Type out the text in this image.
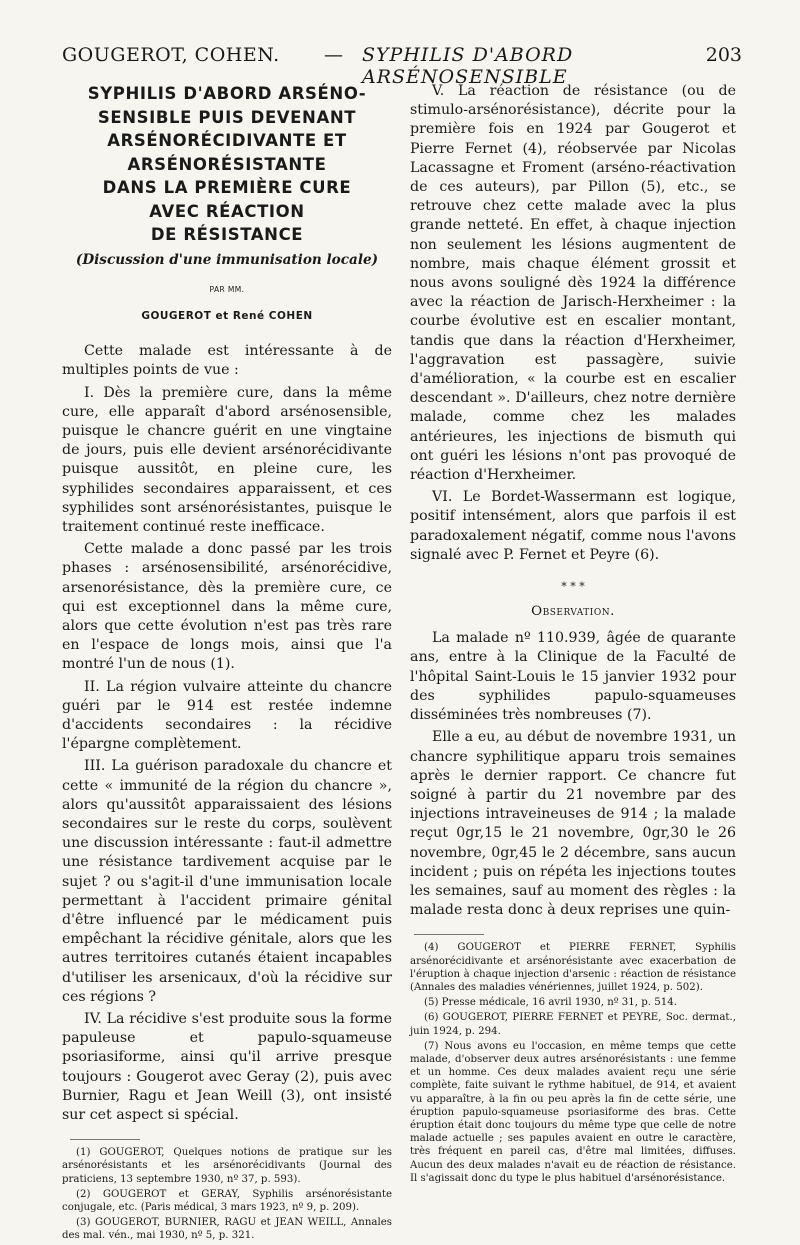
GOUGEROT, COHEN. — SYPHILIS D'ABORD ARSÉNOSENSIBLE
203
SYPHILIS D'ABORD ARSÉNO-
SENSIBLE PUIS DEVENANT
ARSÉNORÉCIDIVANTE ET
ARSÉNORÉSISTANTE
DANS LA PREMIÈRE CURE
AVEC RÉACTION
DE RÉSISTANCE
(Discussion d'une immunisation locale)
PAR MM.
GOUGEROT et René COHEN

Cette malade est intéressante à de multiples points de vue :

I. Dès la première cure, dans la même cure, elle apparaît d'abord arsénosensible, puisque le chancre guérit en une vingtaine de jours, puis elle devient arsénorécidivante puisque aussitôt, en pleine cure, les syphilides secondaires apparaissent, et ces syphilides sont arsénorésistantes, puisque le traitement continué reste inefficace.

Cette malade a donc passé par les trois phases : arsénosensibilité, arsénorécidive, arsenorésistance, dès la première cure, ce qui est exceptionnel dans la même cure, alors que cette évolution n'est pas très rare en l'espace de longs mois, ainsi que l'a montré l'un de nous (1).

II. La région vulvaire atteinte du chancre guéri par le 914 est restée indemne d'accidents secondaires : la récidive l'épargne complètement.

III. La guérison paradoxale du chancre et cette « immunité de la région du chancre », alors qu'aussitôt apparaissaient des lésions secondaires sur le reste du corps, soulèvent une discussion intéressante : faut-il admettre une résistance tardivement acquise par le sujet ? ou s'agit-il d'une immunisation locale permettant à l'accident primaire génital d'être influencé par le médicament puis empêchant la récidive génitale, alors que les autres territoires cutanés étaient incapables d'utiliser les arsenicaux, d'où la récidive sur ces régions ?

IV. La récidive s'est produite sous la forme papuleuse et papulo-squameuse psoriasiforme, ainsi qu'il arrive presque toujours : Gougerot avec Geray (2), puis avec Burnier, Ragu et Jean Weill (3), ont insisté sur cet aspect si spécial.

(1) GOUGEROT, Quelques notions de pratique sur les arsénorésistants et les arsénorécidivants (Journal des praticiens, 13 septembre 1930, nº 37, p. 593).
(2) GOUGEROT et GERAY, Syphilis arsénorésistante conjugale, etc. (Paris médical, 3 mars 1923, nº 9, p. 209).
(3) GOUGEROT, BURNIER, RAGU et JEAN WEILL, Annales des mal. vén., mai 1930, nº 5, p. 321.

V. La réaction de résistance (ou de stimulo-arsénorésistance), décrite pour la première fois en 1924 par Gougerot et Pierre Fernet (4), réobservée par Nicolas Lacassagne et Froment (arséno-réactivation de ces auteurs), par Pillon (5), etc., se retrouve chez cette malade avec la plus grande netteté. En effet, à chaque injection non seulement les lésions augmentent de nombre, mais chaque élément grossit et nous avons souligné dès 1924 la différence avec la réaction de Jarisch-Herxheimer : la courbe évolutive est en escalier montant, tandis que dans la réaction d'Herxheimer, l'aggravation est passagère, suivie d'amélioration, « la courbe est en escalier descendant ». D'ailleurs, chez notre dernière malade, comme chez les malades antérieures, les injections de bismuth qui ont guéri les lésions n'ont pas provoqué de réaction d'Herxheimer.

VI. Le Bordet-Wassermann est logique, positif intensément, alors que parfois il est paradoxalement négatif, comme nous l'avons signalé avec P. Fernet et Peyre (6).

* * *
Observation.

La malade nº 110.939, âgée de quarante ans, entre à la Clinique de la Faculté de l'hôpital Saint-Louis le 15 janvier 1932 pour des syphilides papulo-squameuses disséminées très nombreuses (7).

Elle a eu, au début de novembre 1931, un chancre syphilitique apparu trois semaines après le dernier rapport. Ce chancre fut soigné à partir du 21 novembre par des injections intraveineuses de 914 ; la malade reçut 0gr,15 le 21 novembre, 0gr,30 le 26 novembre, 0gr,45 le 2 décembre, sans aucun incident ; puis on répéta les injections toutes les semaines, sauf au moment des règles : la malade resta donc à deux reprises une quin-

(4) GOUGEROT et PIERRE FERNET, Syphilis arsénorécidivante et arsénorésistante avec exacerbation de l'éruption à chaque injection d'arsenic : réaction de résistance (Annales des maladies vénériennes, juillet 1924, p. 502).
(5) Presse médicale, 16 avril 1930, nº 31, p. 514.
(6) GOUGEROT, PIERRE FERNET et PEYRE, Soc. dermat., juin 1924, p. 294.
(7) Nous avons eu l'occasion, en même temps que cette malade, d'observer deux autres arsénorésistants : une femme et un homme. Ces deux malades avaient reçu une série complète, faite suivant le rythme habituel, de 914, et avaient vu apparaître, à la fin ou peu après la fin de cette série, une éruption papulo-squameuse psoriasiforme des bras. Cette éruption était donc toujours du même type que celle de notre malade actuelle ; ses papules avaient en outre le caractère, très fréquent en pareil cas, d'être mal limitées, diffuses. Aucun des deux malades n'avait eu de réaction de résistance. Il s'agissait donc du type le plus habituel d'arsénorésistance.
